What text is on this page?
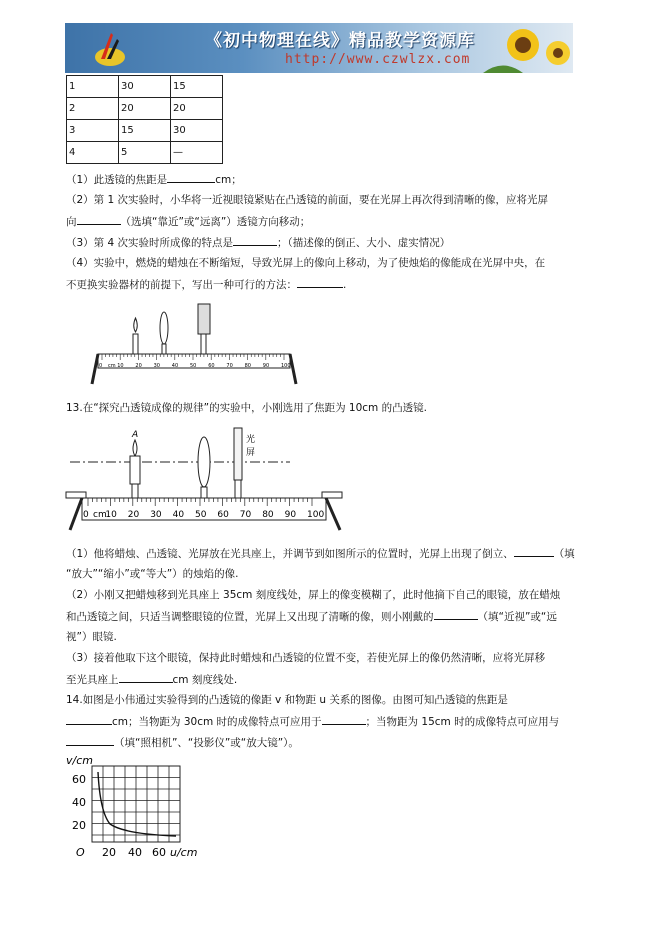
《初中物理在线》精品教学资源库
http://www.czwlzx.com
1	30	15
2	20	20
3	15	30
4	5	—
（1）此透镜的焦距是	cm；
（2）第 1 次实验时，小华将一近视眼镜紧贴在凸透镜的前面，要在光屏上再次得到清晰的像，应将光屏
向	（选填“靠近”或“远离”）透镜方向移动；
（3）第 4 次实验时所成像的特点是	；（描述像的倒正、大小、虚实情况）
（4）实验中，燃烧的蜡烛在不断缩短，导致光屏上的像向上移动，为了使烛焰的像能成在光屏中央，在
不更换实验器材的前提下，写出一种可行的方法：	.
0 cm 10 20 30 40 50 60 70 80 90 100
13.在“探究凸透镜成像的规律”的实验中，小刚选用了焦距为 10cm 的凸透镜.
A	光
屏
0 cm
10 20 30 40 50 60 70 80 90 100
（1）他将蜡烛、凸透镜、光屏放在光具座上，并调节到如图所示的位置时，光屏上出现了倒立、	（填
“放大”“缩小”或“等大”）的烛焰的像.
（2）小刚又把蜡烛移到光具座上 35cm 刻度线处，屏上的像变模糊了，此时他摘下自己的眼镜，放在蜡烛
和凸透镜之间，只适当调整眼镜的位置，光屏上又出现了清晰的像，则小刚戴的	（填“近视”或“远
视”）眼镜.
（3）接着他取下这个眼镜，保持此时蜡烛和凸透镜的位置不变，若使光屏上的像仍然清晰，应将光屏移
至光具座上	cm 刻度线处.
14.如图是小伟通过实验得到的凸透镜的像距 v 和物距 u 关系的图像。由图可知凸透镜的焦距是
cm；当物距为 30cm 时的成像特点可应用于	；当物距为 15cm 时的成像特点可应用与
（填“照相机”、“投影仪”或“放大镜”）。
v/cm
O
60
40
20
20 40 60 u/cm
